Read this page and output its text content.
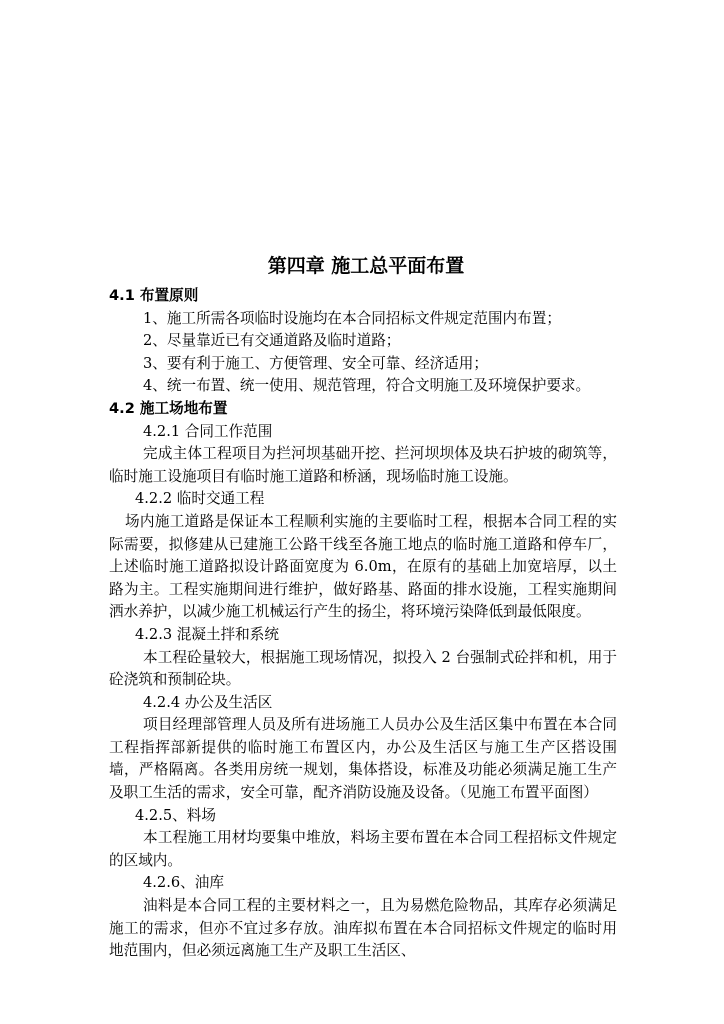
第四章 施工总平面布置
4.1 布置原则

1、施工所需各项临时设施均在本合同招标文件规定范围内布置；

2、尽量靠近已有交通道路及临时道路；

3、要有利于施工、方便管理、安全可靠、经济适用；

4、统一布置、统一使用、规范管理，符合文明施工及环境保护要求。

4.2 施工场地布置

4.2.1 合同工作范围

完成主体工程项目为拦河坝基础开挖、拦河坝坝体及块石护坡的砌筑等，临时施工设施项目有临时施工道路和桥涵，现场临时施工设施。

4.2.2 临时交通工程

场内施工道路是保证本工程顺利实施的主要临时工程，根据本合同工程的实际需要，拟修建从已建施工公路干线至各施工地点的临时施工道路和停车厂，上述临时施工道路拟设计路面宽度为 6.0m，在原有的基础上加宽培厚，以土路为主。工程实施期间进行维护，做好路基、路面的排水设施，工程实施期间洒水养护，以减少施工机械运行产生的扬尘，将环境污染降低到最低限度。

4.2.3 混凝土拌和系统

本工程砼量较大，根据施工现场情况，拟投入 2 台强制式砼拌和机，用于砼浇筑和预制砼块。

4.2.4 办公及生活区

项目经理部管理人员及所有进场施工人员办公及生活区集中布置在本合同工程指挥部新提供的临时施工布置区内，办公及生活区与施工生产区搭设围墙，严格隔离。各类用房统一规划，集体搭设，标准及功能必须满足施工生产及职工生活的需求，安全可靠，配齐消防设施及设备。（见施工布置平面图）

4.2.5、料场

本工程施工用材均要集中堆放，料场主要布置在本合同工程招标文件规定的区域内。

4.2.6、油库

油料是本合同工程的主要材料之一，且为易燃危险物品，其库存必须满足施工的需求，但亦不宜过多存放。油库拟布置在本合同招标文件规定的临时用地范围内，但必须远离施工生产及职工生活区、
